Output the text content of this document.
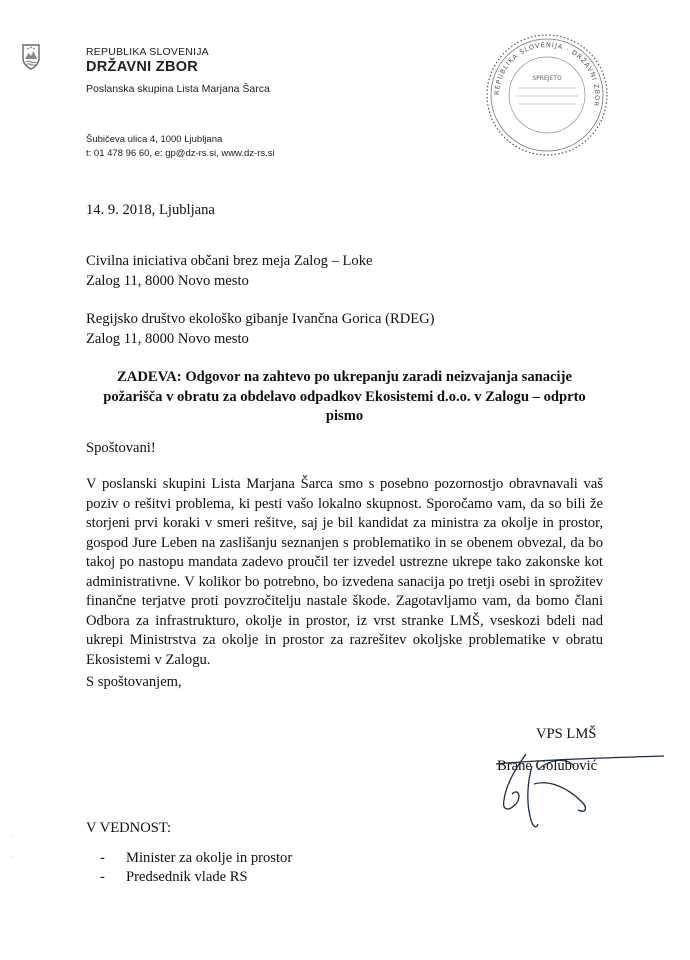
REPUBLIKA SLOVENIJA
DRŽAVNI ZBOR
Poslanska skupina Lista Marjana Šarca
Šubičeva ulica 4, 1000 Ljubljana
t: 01 478 96 60, e: gp@dz-rs.si, www.dz-rs.si
REPUBLIKA SLOVENIJA · DRŽAVNI ZBOR ·
SPREJETO
14. 9. 2018, Ljubljana
Civilna iniciativa občani brez meja Zalog – Loke
Zalog 11, 8000 Novo mesto
Regijsko društvo ekološko gibanje Ivančna Gorica (RDEG)
Zalog 11, 8000 Novo mesto
ZADEVA: Odgovor na zahtevo po ukrepanju zaradi neizvajanja sanacije požarišča v obratu za obdelavo odpadkov Ekosistemi d.o.o. v Zalogu – odprto pismo
Spoštovani!
V poslanski skupini Lista Marjana Šarca smo s posebno pozornostjo obravnavali vaš poziv o rešitvi problema, ki pesti vašo lokalno skupnost. Sporočamo vam, da so bili že storjeni prvi koraki v smeri rešitve, saj je bil kandidat za ministra za okolje in prostor, gospod Jure Leben na zaslišanju seznanjen s problematiko in se obenem obvezal, da bo takoj po nastopu mandata zadevo proučil ter izvedel ustrezne ukrepe tako zakonske kot administrativne. V kolikor bo potrebno, bo izvedena sanacija po tretji osebi in sprožitev finančne terjatve proti povzročitelju nastale škode. Zagotavljamo vam, da bomo člani Odbora za infrastrukturo, okolje in prostor, iz vrst stranke LMŠ, vseskozi bdeli nad ukrepi Ministrstva za okolje in prostor za razrešitev okoljske problematike v obratu Ekosistemi v Zalogu.
S spoštovanjem,
VPS LMŠ
Brane Golubović
V VEDNOST:
-	Minister za okolje in prostor
-	Predsednik vlade RS
·
·
